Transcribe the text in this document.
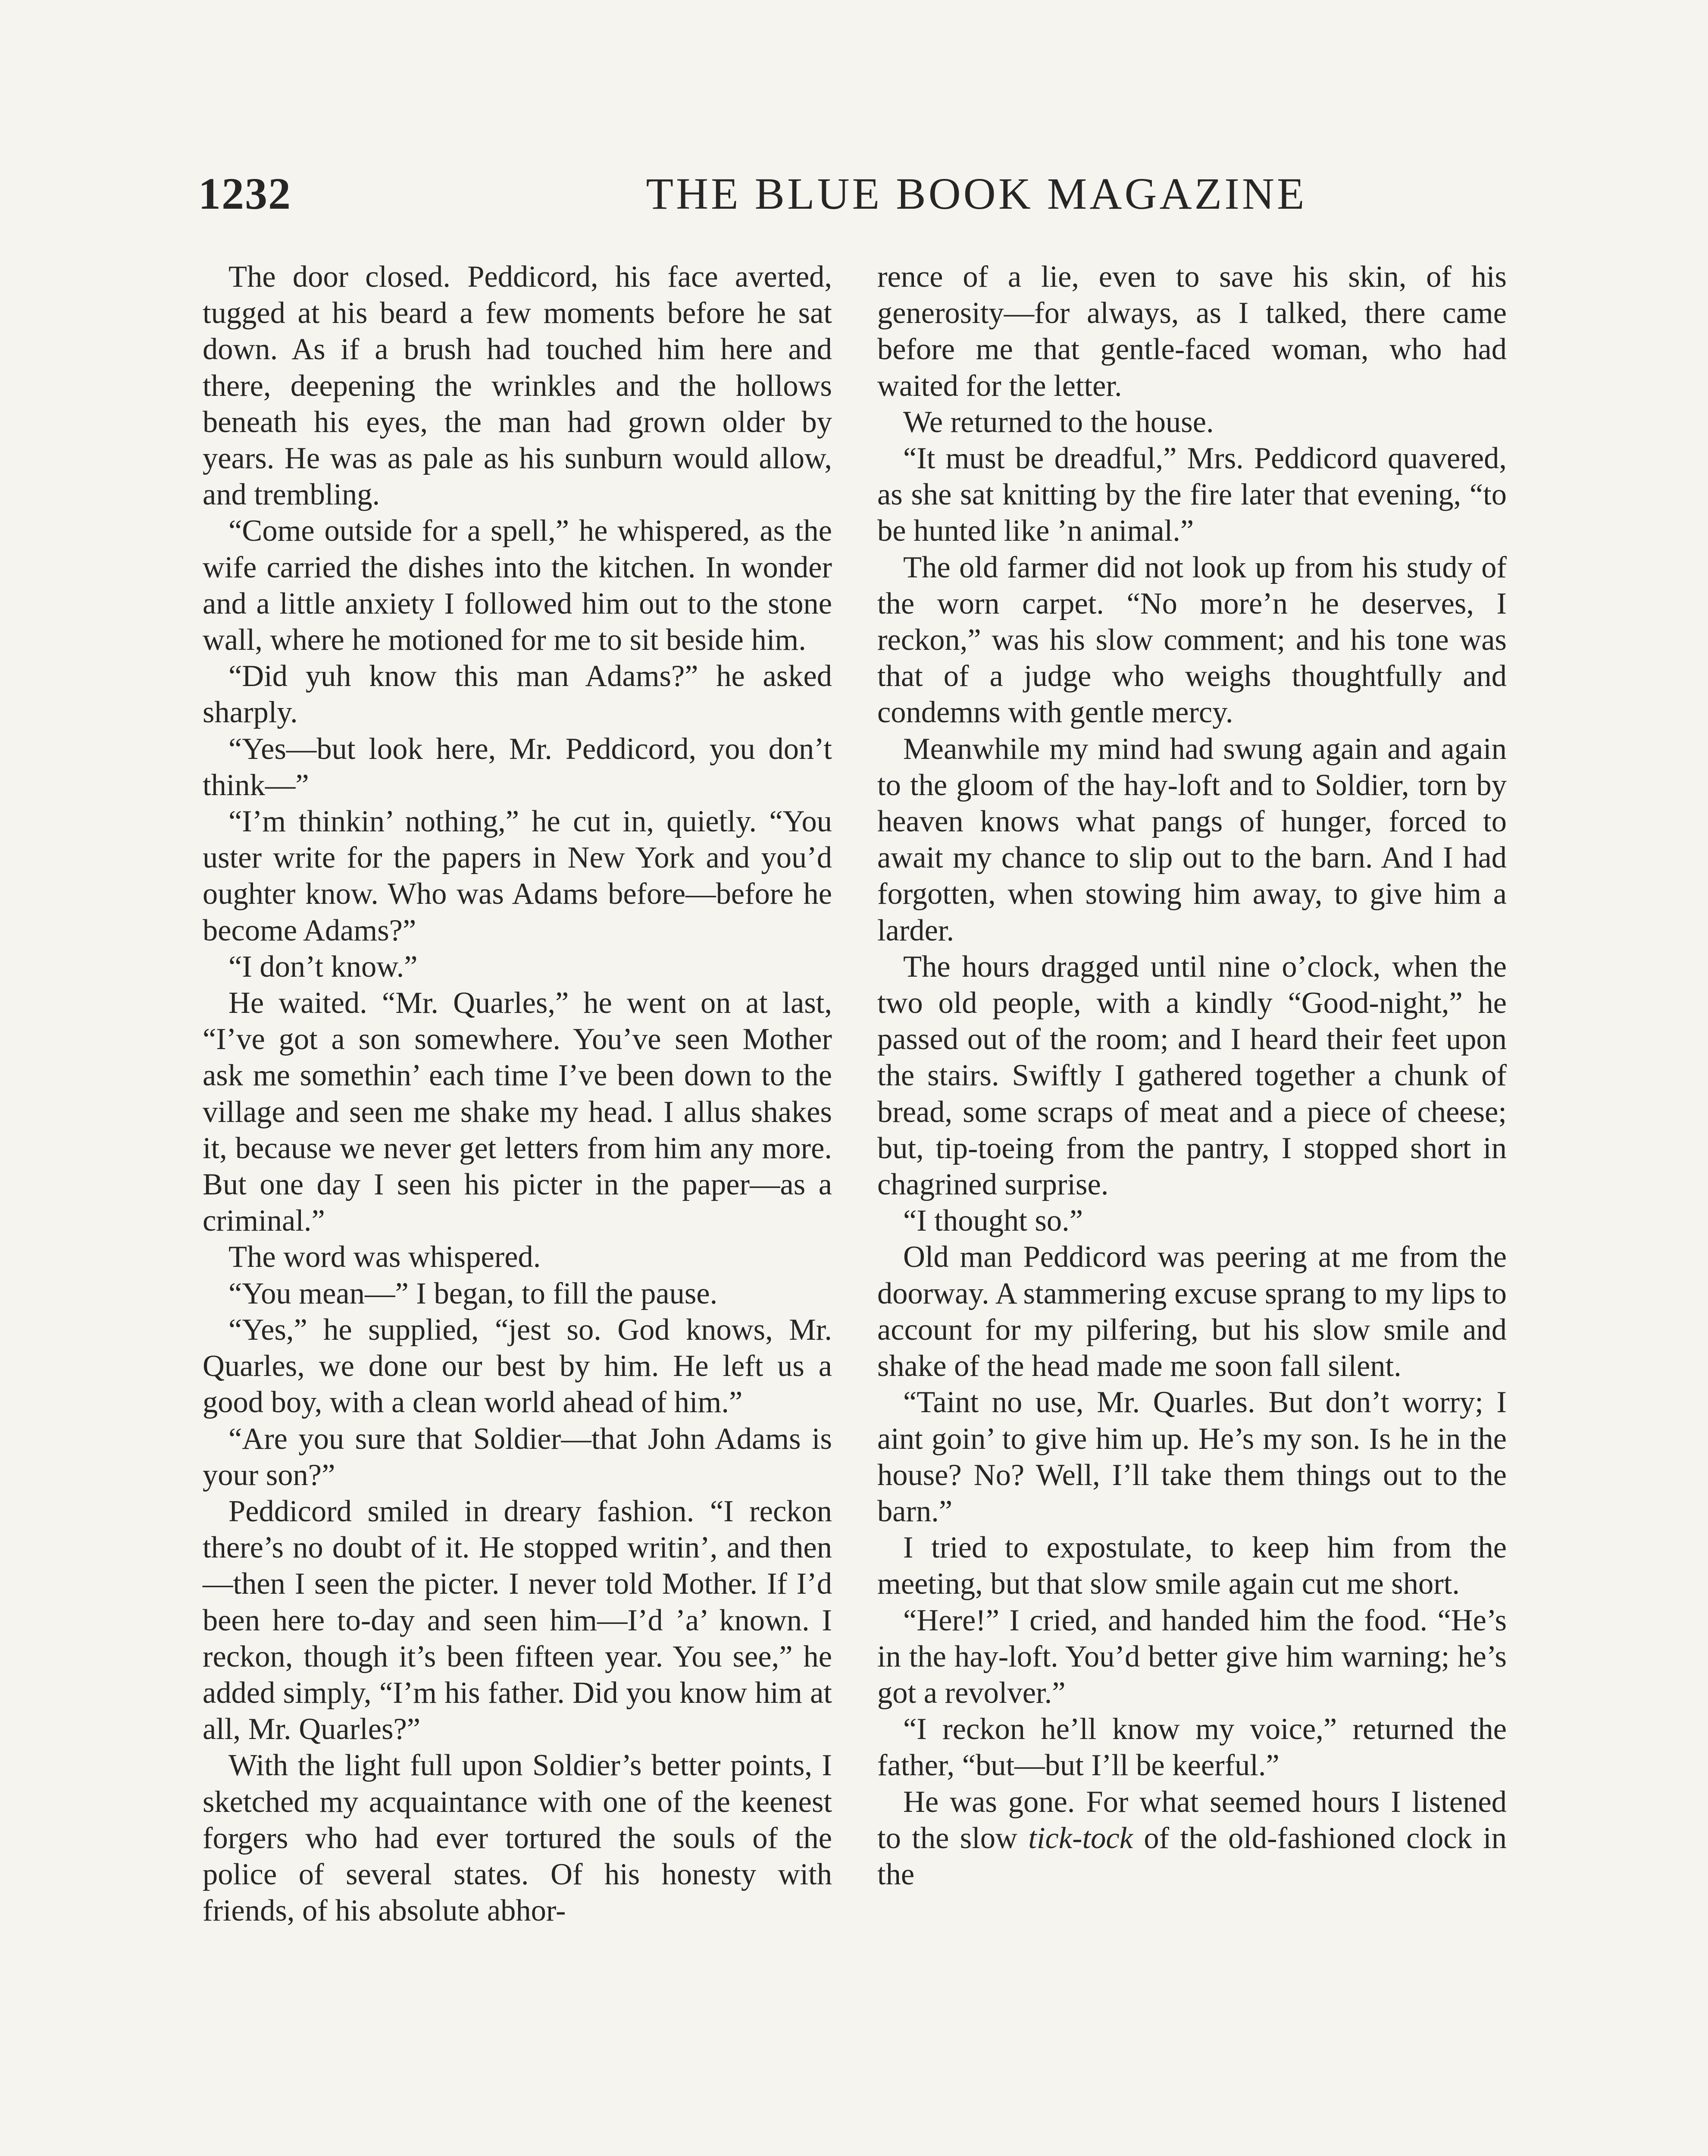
1232	THE BLUE BOOK MAGAZINE

The door closed. Peddicord, his face averted, tugged at his beard a few moments before he sat down. As if a brush had touched him here and there, deepening the wrinkles and the hollows beneath his eyes, the man had grown older by years. He was as pale as his sunburn would allow, and trembling.

“Come outside for a spell,” he whispered, as the wife carried the dishes into the kitchen. In wonder and a little anxiety I followed him out to the stone wall, where he motioned for me to sit beside him.

“Did yuh know this man Adams?” he asked sharply.

“Yes—but look here, Mr. Peddicord, you don’t think—”

“I’m thinkin’ nothing,” he cut in, quietly. “You uster write for the papers in New York and you’d oughter know. Who was Adams before—before he become Adams?”

“I don’t know.”

He waited. “Mr. Quarles,” he went on at last, “I’ve got a son somewhere. You’ve seen Mother ask me somethin’ each time I’ve been down to the village and seen me shake my head. I allus shakes it, because we never get letters from him any more. But one day I seen his picter in the paper—as a criminal.”

The word was whispered.

“You mean—” I began, to fill the pause.

“Yes,” he supplied, “jest so. God knows, Mr. Quarles, we done our best by him. He left us a good boy, with a clean world ahead of him.”

“Are you sure that Soldier—that John Adams is your son?”

Peddicord smiled in dreary fashion. “I reckon there’s no doubt of it. He stopped writin’, and then—then I seen the picter. I never told Mother. If I’d been here to-day and seen him—I’d ’a’ known. I reckon, though it’s been fifteen year. You see,” he added simply, “I’m his father. Did you know him at all, Mr. Quarles?”

With the light full upon Soldier’s better points, I sketched my acquaintance with one of the keenest forgers who had ever tortured the souls of the police of several states. Of his honesty with friends, of his absolute abhor-

rence of a lie, even to save his skin, of his generosity—for always, as I talked, there came before me that gentle-faced woman, who had waited for the letter.

We returned to the house.

“It must be dreadful,” Mrs. Peddicord quavered, as she sat knitting by the fire later that evening, “to be hunted like ’n animal.”

The old farmer did not look up from his study of the worn carpet. “No more’n he deserves, I reckon,” was his slow comment; and his tone was that of a judge who weighs thoughtfully and condemns with gentle mercy.

Meanwhile my mind had swung again and again to the gloom of the hay-loft and to Soldier, torn by heaven knows what pangs of hunger, forced to await my chance to slip out to the barn. And I had forgotten, when stowing him away, to give him a larder.

The hours dragged until nine o’clock, when the two old people, with a kindly “Good-night,” he passed out of the room; and I heard their feet upon the stairs. Swiftly I gathered together a chunk of bread, some scraps of meat and a piece of cheese; but, tip-toeing from the pantry, I stopped short in chagrined surprise.

“I thought so.”

Old man Peddicord was peering at me from the doorway. A stammering excuse sprang to my lips to account for my pilfering, but his slow smile and shake of the head made me soon fall silent.

“Taint no use, Mr. Quarles. But don’t worry; I aint goin’ to give him up. He’s my son. Is he in the house? No? Well, I’ll take them things out to the barn.”

I tried to expostulate, to keep him from the meeting, but that slow smile again cut me short.

“Here!” I cried, and handed him the food. “He’s in the hay-loft. You’d better give him warning; he’s got a revolver.”

“I reckon he’ll know my voice,” returned the father, “but—but I’ll be keerful.”

He was gone. For what seemed hours I listened to the slow tick-tock of the old-fashioned clock in the
